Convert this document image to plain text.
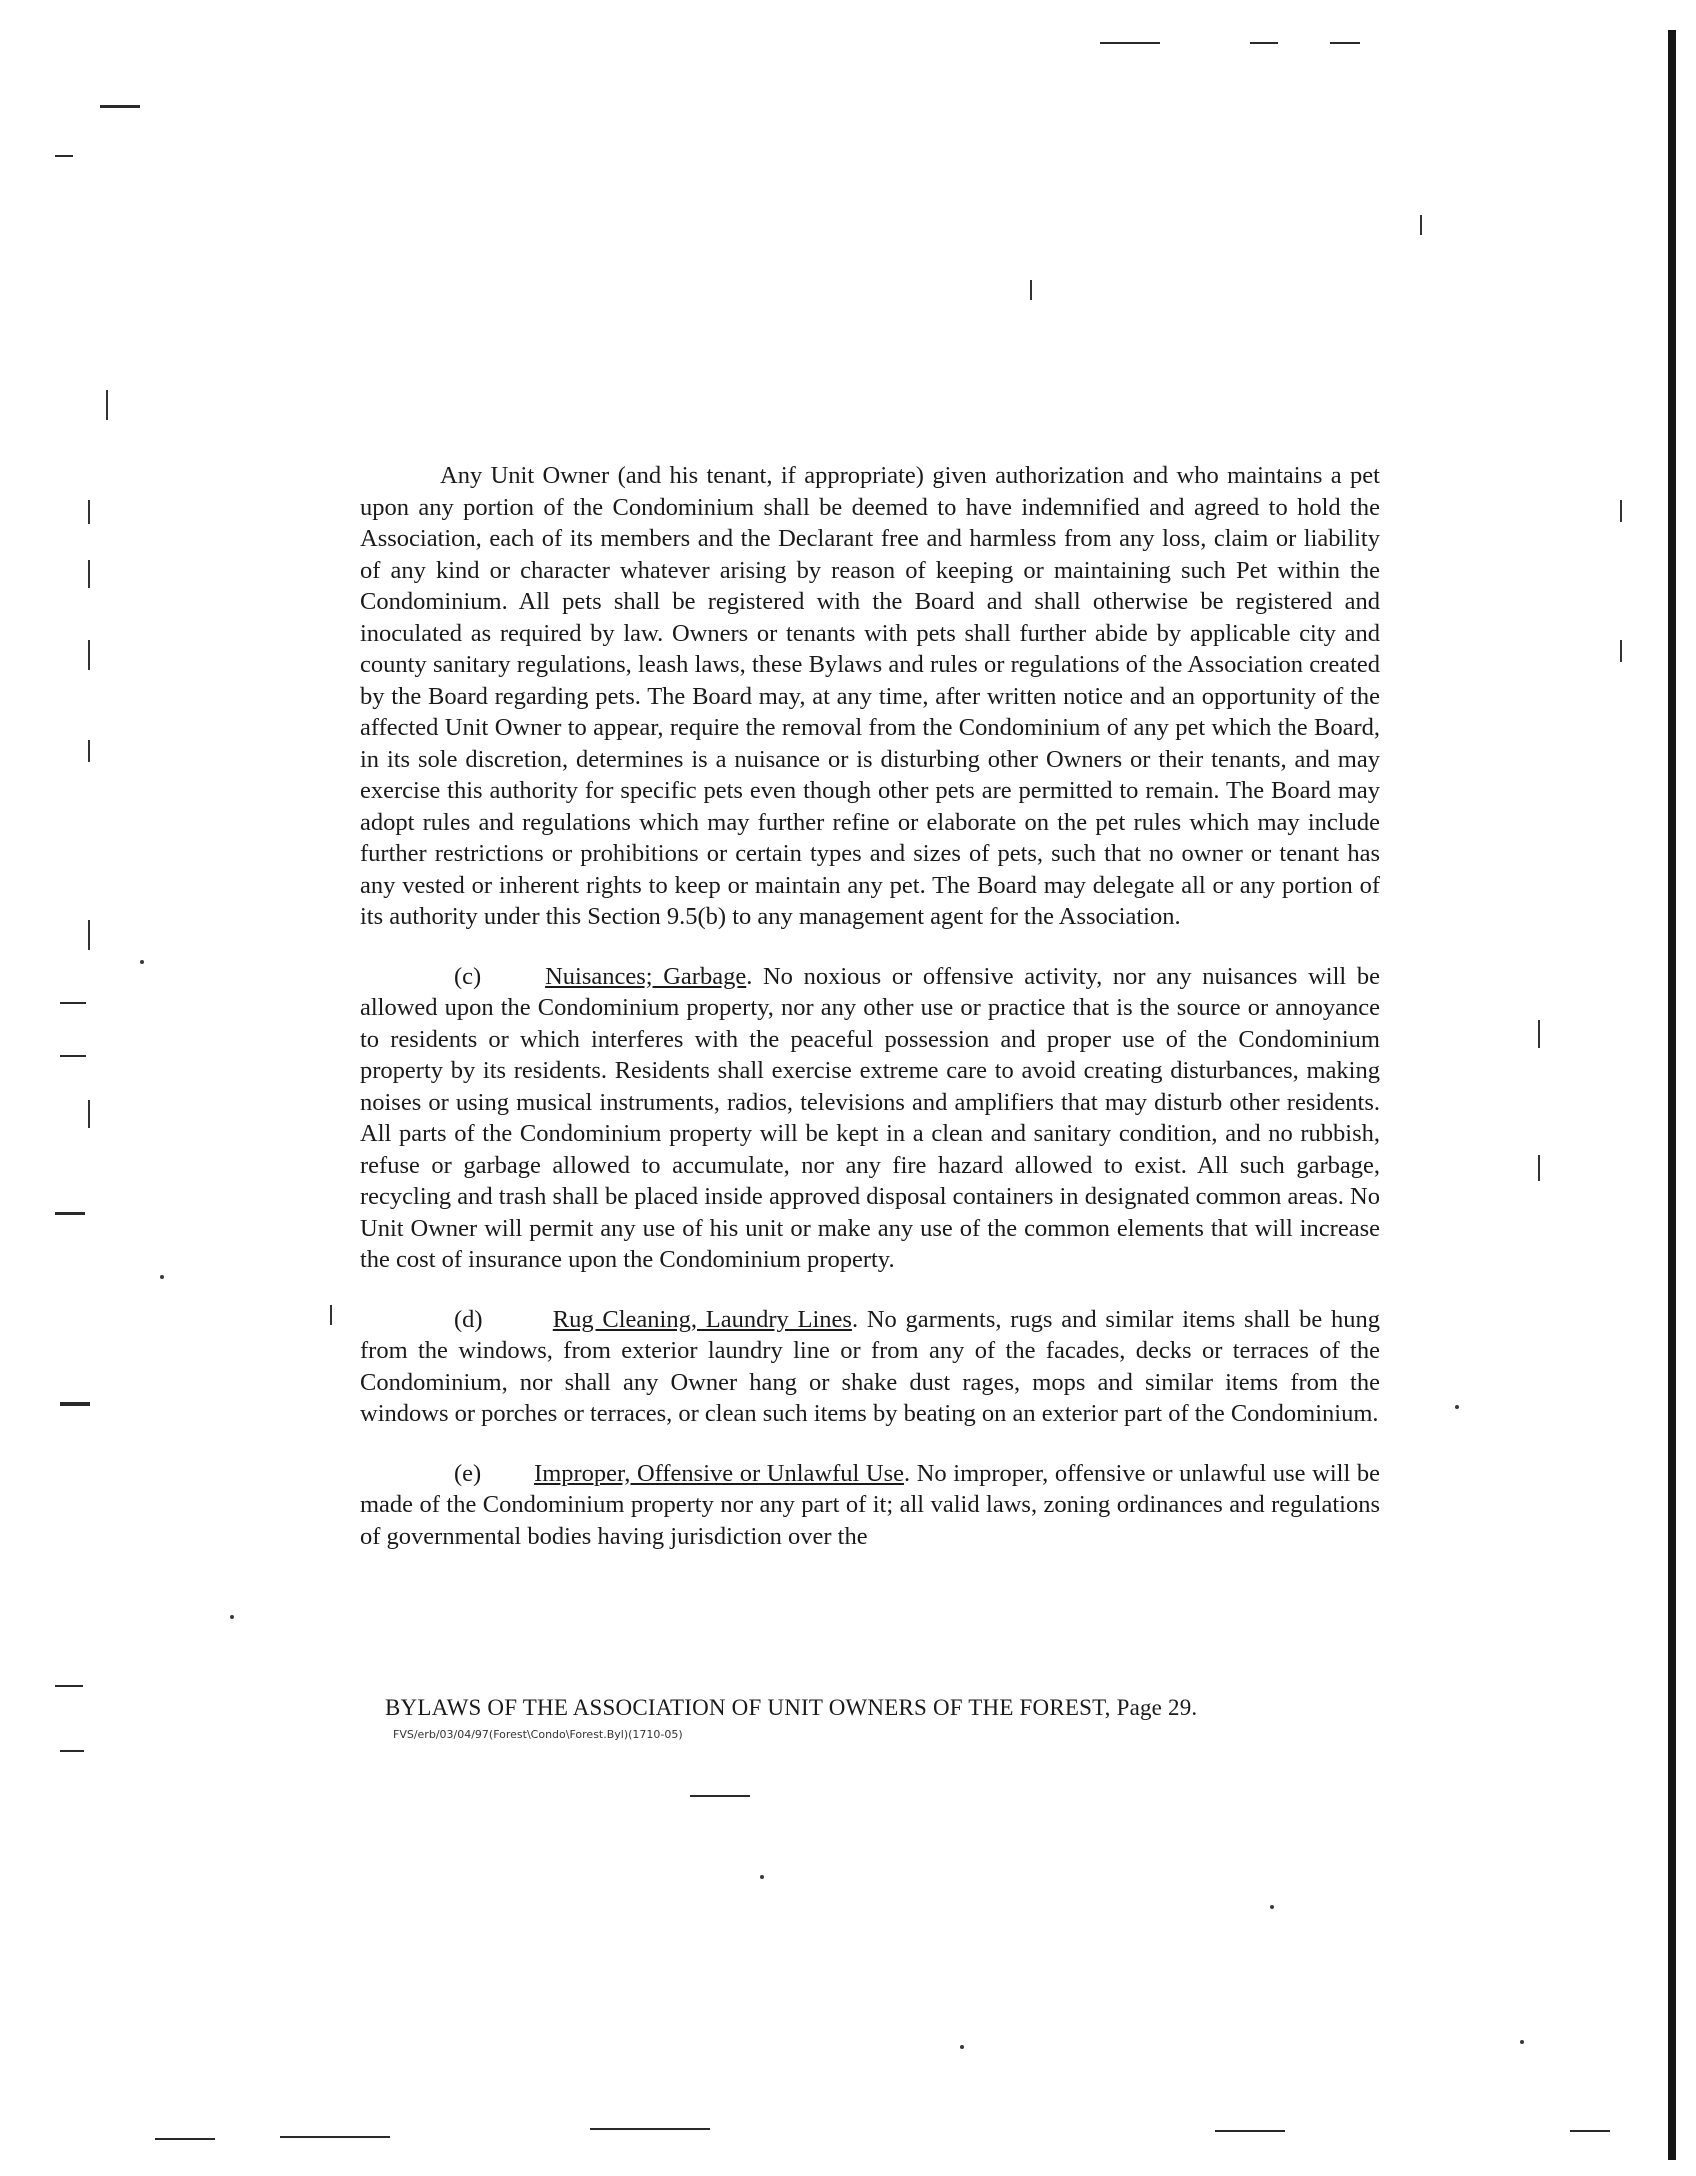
Any Unit Owner (and his tenant, if appropriate) given authorization and who maintains a pet upon any portion of the Condominium shall be deemed to have indemnified and agreed to hold the Association, each of its members and the Declarant free and harmless from any loss, claim or liability of any kind or character whatever arising by reason of keeping or maintaining such Pet within the Condominium. All pets shall be registered with the Board and shall otherwise be registered and inoculated as required by law. Owners or tenants with pets shall further abide by applicable city and county sanitary regulations, leash laws, these Bylaws and rules or regulations of the Association created by the Board regarding pets. The Board may, at any time, after written notice and an opportunity of the affected Unit Owner to appear, require the removal from the Condominium of any pet which the Board, in its sole discretion, determines is a nuisance or is disturbing other Owners or their tenants, and may exercise this authority for specific pets even though other pets are permitted to remain. The Board may adopt rules and regulations which may further refine or elaborate on the pet rules which may include further restrictions or prohibitions or certain types and sizes of pets, such that no owner or tenant has any vested or inherent rights to keep or maintain any pet. The Board may delegate all or any portion of its authority under this Section 9.5(b) to any management agent for the Association.

(c)	Nuisances; Garbage. No noxious or offensive activity, nor any nuisances will be allowed upon the Condominium property, nor any other use or practice that is the source or annoyance to residents or which interferes with the peaceful possession and proper use of the Condominium property by its residents. Residents shall exercise extreme care to avoid creating disturbances, making noises or using musical instruments, radios, televisions and amplifiers that may disturb other residents. All parts of the Condominium property will be kept in a clean and sanitary condition, and no rubbish, refuse or garbage allowed to accumulate, nor any fire hazard allowed to exist. All such garbage, recycling and trash shall be placed inside approved disposal containers in designated common areas. No Unit Owner will permit any use of his unit or make any use of the common elements that will increase the cost of insurance upon the Condominium property.

(d)	Rug Cleaning, Laundry Lines. No garments, rugs and similar items shall be hung from the windows, from exterior laundry line or from any of the facades, decks or terraces of the Condominium, nor shall any Owner hang or shake dust rages, mops and similar items from the windows or porches or terraces, or clean such items by beating on an exterior part of the Condominium.

(e) Improper, Offensive or Unlawful Use. No improper, offensive or unlawful use will be made of the Condominium property nor any part of it; all valid laws, zoning ordinances and regulations of governmental bodies having jurisdiction over the

BYLAWS OF THE ASSOCIATION OF UNIT OWNERS OF THE FOREST, Page 29.
FVS/erb/03/04/97(Forest\Condo\Forest.Byl)(1710-05)
